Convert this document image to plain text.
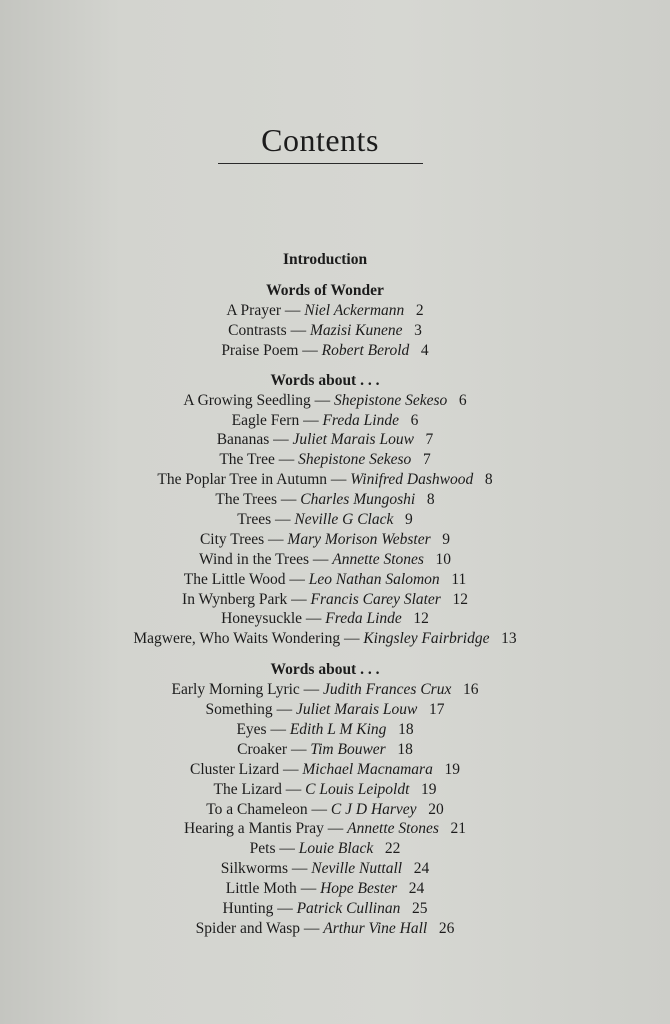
Contents
Introduction
Words of Wonder
A Prayer — Niel Ackermann  2
Contrasts — Mazisi Kunene  3
Praise Poem — Robert Berold  4
Words about . . .
A Growing Seedling — Shepistone Sekeso  6
Eagle Fern — Freda Linde  6
Bananas — Juliet Marais Louw  7
The Tree — Shepistone Sekeso  7
The Poplar Tree in Autumn — Winifred Dashwood  8
The Trees — Charles Mungoshi  8
Trees — Neville G Clack  9
City Trees — Mary Morison Webster  9
Wind in the Trees — Annette Stones  10
The Little Wood — Leo Nathan Salomon  11
In Wynberg Park — Francis Carey Slater  12
Honeysuckle — Freda Linde  12
Magwere, Who Waits Wondering — Kingsley Fairbridge  13
Words about . . .
Early Morning Lyric — Judith Frances Crux  16
Something — Juliet Marais Louw  17
Eyes — Edith L M King  18
Croaker — Tim Bouwer  18
Cluster Lizard — Michael Macnamara  19
The Lizard — C Louis Leipoldt  19
To a Chameleon — C J D Harvey  20
Hearing a Mantis Pray — Annette Stones  21
Pets — Louie Black  22
Silkworms — Neville Nuttall  24
Little Moth — Hope Bester  24
Hunting — Patrick Cullinan  25
Spider and Wasp — Arthur Vine Hall  26
